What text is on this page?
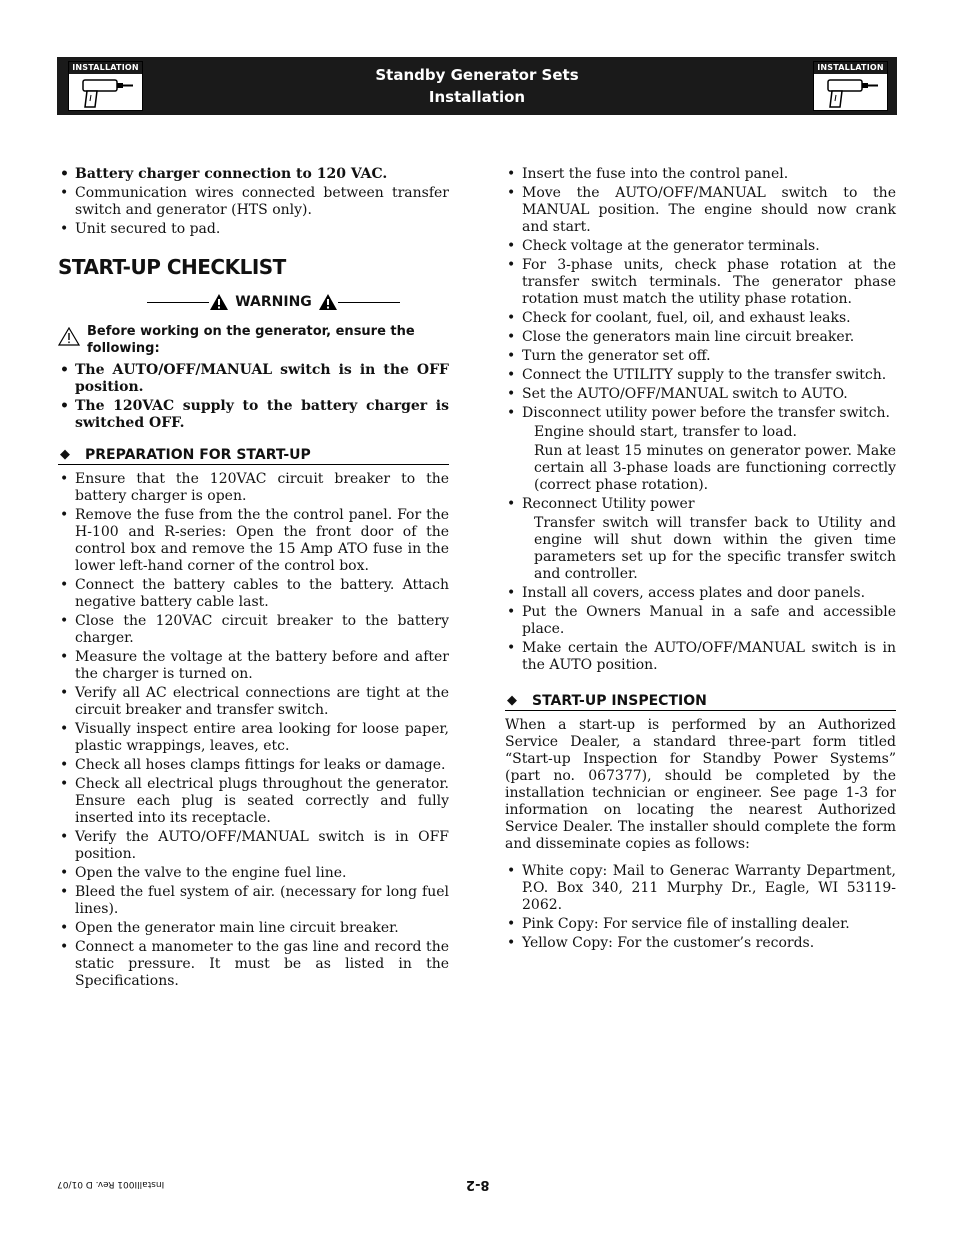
INSTALLATION	Standby Generator Sets
Installation
INSTALLATION
• Battery charger connection to 120 VAC.
• Communication wires connected between transfer switch and generator (HTS only).
• Unit secured to pad.
START-UP CHECKLIST
WARNING
Before working on the generator, ensure the following:
• The AUTO/OFF/MANUAL switch is in the OFF position.
• The 120VAC supply to the battery charger is switched OFF.
◆ PREPARATION FOR START-UP
• Ensure that the 120VAC circuit breaker to the battery charger is open.
• Remove the fuse from the the control panel. For the H-100 and R-series: Open the front door of the control box and remove the 15 Amp ATO fuse in the lower left-hand corner of the control box.
• Connect the battery cables to the battery. Attach negative battery cable last.
• Close the 120VAC circuit breaker to the battery charger.
• Measure the voltage at the battery before and after the charger is turned on.
• Verify all AC electrical connections are tight at the circuit breaker and transfer switch.
• Visually inspect entire area looking for loose paper, plastic wrappings, leaves, etc.
• Check all hoses clamps fittings for leaks or damage.
• Check all electrical plugs throughout the generator. Ensure each plug is seated correctly and fully inserted into its receptacle.
• Verify the AUTO/OFF/MANUAL switch is in OFF position.
• Open the valve to the engine fuel line.
• Bleed the fuel system of air. (necessary for long fuel lines).
• Open the generator main line circuit breaker.
• Connect a manometer to the gas line and record the static pressure. It must be as listed in the Specifications.
• Insert the fuse into the control panel.
• Move the AUTO/OFF/MANUAL switch to the MANUAL position. The engine should now crank and start.
• Check voltage at the generator terminals.
• For 3-phase units, check phase rotation at the transfer switch terminals. The generator phase rotation must match the utility phase rotation.
• Check for coolant, fuel, oil, and exhaust leaks.
• Close the generators main line circuit breaker.
• Turn the generator set off.
• Connect the UTILITY supply to the transfer switch.
• Set the AUTO/OFF/MANUAL switch to AUTO.
• Disconnect utility power before the transfer switch.
Engine should start, transfer to load.
Run at least 15 minutes on generator power. Make certain all 3-phase loads are functioning correctly (correct phase rotation).
• Reconnect Utility power
Transfer switch will transfer back to Utility and engine will shut down within the given time parameters set up for the specific transfer switch and controller.
• Install all covers, access plates and door panels.
• Put the Owners Manual in a safe and accessible place.
• Make certain the AUTO/OFF/MANUAL switch is in the AUTO position.
◆ START-UP INSPECTION

When a start-up is performed by an Authorized Service Dealer, a standard three-part form titled “Start-up Inspection for Standby Power Systems” (part no. 067377), should be completed by the installation technician or engineer. See page 1-3 for information on locating the nearest Authorized Service Dealer. The installer should complete the form and disseminate copies as follows:

• White copy: Mail to Generac Warranty Department, P.O. Box 340, 211 Murphy Dr., Eagle, WI 53119-2062.
• Pink Copy: For service file of installing dealer.
• Yellow Copy: For the customer’s records.
InstallI001 Rev. D 01/07	8-2
